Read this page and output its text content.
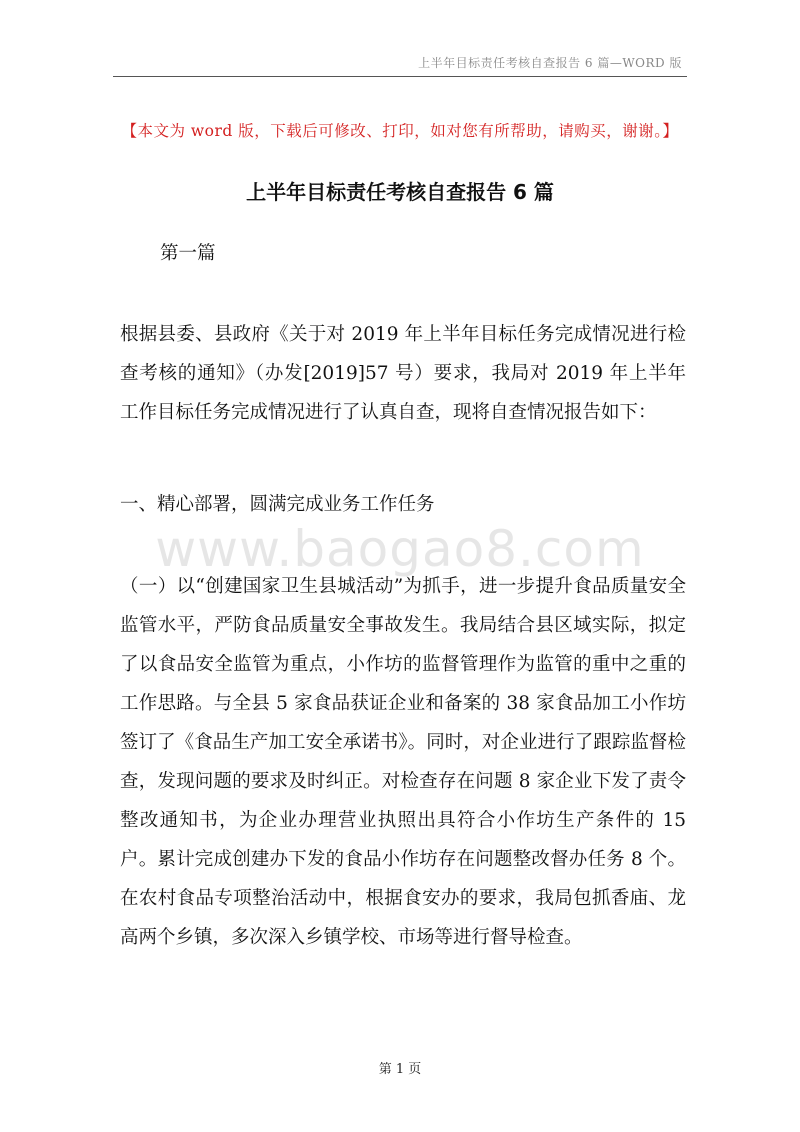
上半年目标责任考核自查报告 6 篇—WORD 版
【本文为 word 版，下载后可修改、打印，如对您有所帮助，请购买，谢谢。】
上半年目标责任考核自查报告 6 篇
第一篇

根据县委、县政府《关于对 2019 年上半年目标任务完成情况进行检查考核的通知》（办发[2019]57 号）要求，我局对 2019 年上半年工作目标任务完成情况进行了认真自查，现将自查情况报告如下：

一、精心部署，圆满完成业务工作任务

www.baogao8.com

（一）以“创建国家卫生县城活动”为抓手，进一步提升食品质量安全监管水平，严防食品质量安全事故发生。我局结合县区域实际，拟定了以食品安全监管为重点，小作坊的监督管理作为监管的重中之重的工作思路。与全县 5 家食品获证企业和备案的 38 家食品加工小作坊签订了《食品生产加工安全承诺书》。同时，对企业进行了跟踪监督检查，发现问题的要求及时纠正。对检查存在问题 8 家企业下发了责令整改通知书，为企业办理营业执照出具符合小作坊生产条件的 15 户。累计完成创建办下发的食品小作坊存在问题整改督办任务 8 个。在农村食品专项整治活动中，根据食安办的要求，我局包抓香庙、龙高两个乡镇，多次深入乡镇学校、市场等进行督导检查。

第 1 页
